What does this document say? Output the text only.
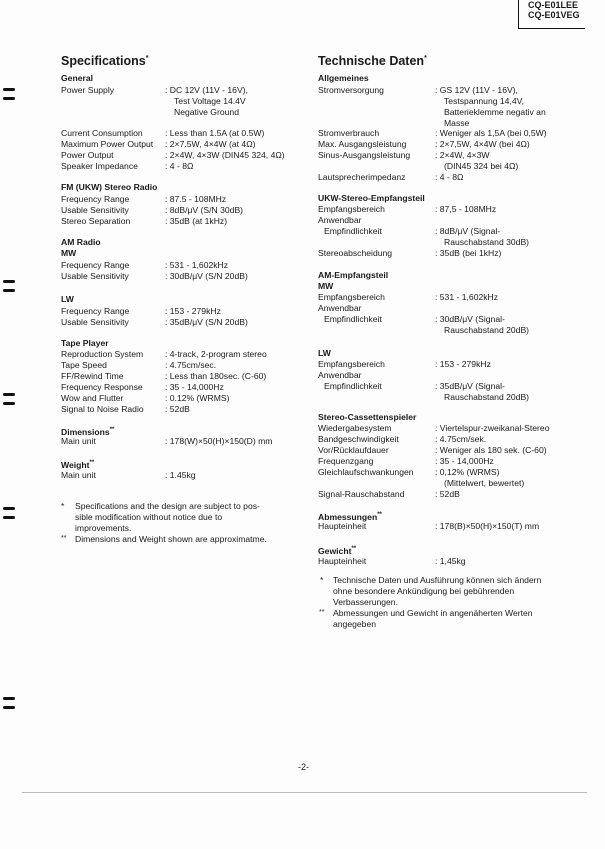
CQ-E01LEE
CQ-E01VEG
Specifications*
General
Power Supply	: DC 12V (11V - 16V),
Test Voltage 14.4V
Negative Ground
Current Consumption	: Less than 1.5A (at 0.5W)
Maximum Power Output : 2×7.5W, 4×4W (at 4Ω)
Power Output	: 2×4W, 4×3W (DIN45 324, 4Ω)
Speaker Impedance	: 4 - 8Ω
FM (UKW) Stereo Radio
Frequency Range	: 87.5 - 108MHz
Usable Sensitivity	: 8dB/μV (S/N 30dB)
Stereo Separation	: 35dB (at 1kHz)
AM Radio
MW
Frequency Range	: 531 - 1,602kHz
Usable Sensitivity	: 30dB/μV (S/N 20dB)
LW
Frequency Range	: 153 - 279kHz
Usable Sensitivity	: 35dB/μV (S/N 20dB)
Tape Player
Reproduction System	: 4-track, 2-program stereo
Tape Speed	: 4.75cm/sec.
FF/Rewind Time	: Less than 180sec. (C-60)
Frequency Response	: 35 - 14,000Hz
Wow and Flutter	: 0.12% (WRMS)
Signal to Noise Radio : 52dB
Dimensions**
Main unit	: 178(W)×50(H)×150(D) mm
Weight**
Main unit	: 1.45kg
* Specifications and the design are subject to pos-
sible modification without notice due to
improvements.
** Dimensions and Weight shown are approximatme.
Technische Daten*
Allgemeines
Stromversorgung	: GS 12V (11V - 16V),
Testspannung 14,4V,
Batterieklemme negativ an
Masse
Stromverbrauch	: Weniger als 1,5A (bei 0,5W)
Max. Ausgangsleistung	: 2×7,5W, 4×4W (bei 4Ω)
Sinus-Ausgangsleistung	: 2×4W, 4×3W
(DIN45 324 bei 4Ω)
Lautsprecherimpedanz	: 4 - 8Ω
UKW-Stereo-Empfangsteil
Empfangsbereich	: 87,5 - 108MHz
Anwendbar
Empfindlichkeit	: 8dB/μV (Signal-
Rauschabstand 30dB)
Stereoabscheidung	: 35dB (bei 1kHz)
AM-Empfangsteil
MW
Empfangsbereich	: 531 - 1,602kHz
Anwendbar
Empfindlichkeit	: 30dB/μV (Signal-
Rauschabstand 20dB)
LW
Empfangsbereich	: 153 - 279kHz
Anwendbar
Empfindlichkeit	: 35dB/μV (Signal-
Rauschabstand 20dB)
Stereo-Cassettenspieler
Wiedergabesystem	: Viertelspur-zweikanal-Stereo
Bandgeschwindigkeit	: 4.75cm/sek.
Vor/Rücklaufdauer	: Weniger als 180 sek. (C-60)
Frequenzgang	: 35 - 14,000Hz
Gleichlaufschwankungen : 0,12% (WRMS)
(Mittelwert, bewertet)
Signal-Rauschabstand	: 52dB
Abmessungen**
Haupteinheit	: 178(B)×50(H)×150(T) mm
Gewicht**
Haupteinheit	: 1,45kg
* Technische Daten und Ausführung können sich ändern
ohne besondere Ankündigung bei gebührenden
Verbasserungen.
** Abmessungen und Gewicht in angenäherten Werten
angegeben
-2-
